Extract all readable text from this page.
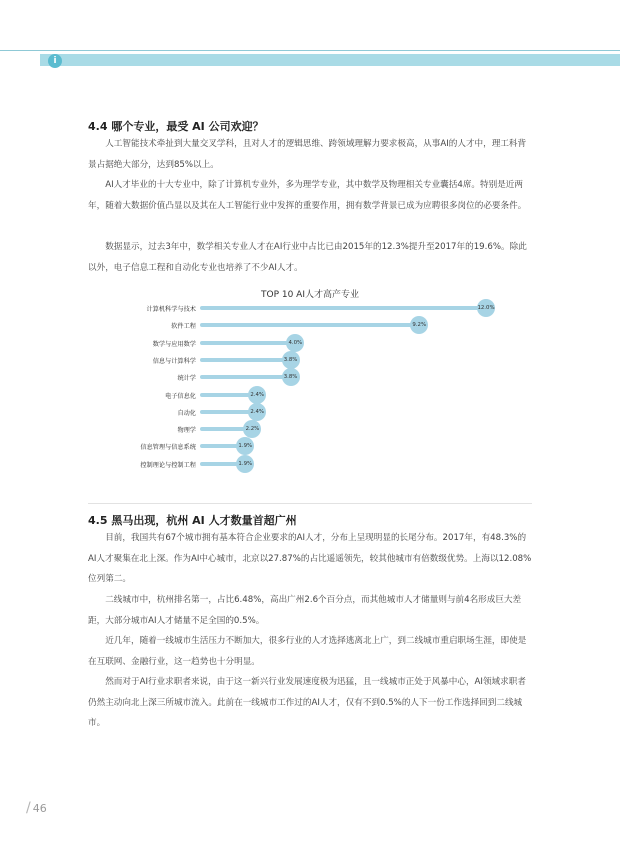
i
4.4 哪个专业，最受 AI 公司欢迎？

人工智能技术牵扯到大量交叉学科，且对人才的逻辑思维、跨领域理解力要求极高，从事AI的人才中，理工科背景占据绝大部分，达到85%以上。

AI人才毕业的十大专业中，除了计算机专业外，多为理学专业，其中数学及物理相关专业囊括4席。特别是近两年，随着大数据价值凸显以及其在人工智能行业中发挥的重要作用，拥有数学背景已成为应聘很多岗位的必要条件。

数据显示，过去3年中，数学相关专业人才在AI行业中占比已由2015年的12.3%提升至2017年的19.6%。除此以外，电子信息工程和自动化专业也培养了不少AI人才。

TOP 10 AI人才高产专业

计算机科学与技术	12.0%
软件工程	9.2%
数学与应用数学	4.0%
信息与计算科学	3.8%
统计学	3.8%
电子信息化	2.4%
自动化	2.4%
物理学	2.2%
信息管理与信息系统	1.9%
控制理论与控制工程	1.9%
4.5 黑马出现，杭州 AI 人才数量首超广州

目前，我国共有67个城市拥有基本符合企业要求的AI人才，分布上呈现明显的长尾分布。2017年，有48.3%的AI人才聚集在北上深。作为AI中心城市，北京以27.87%的占比遥遥领先，较其他城市有倍数级优势。上海以12.08%位列第二。

二线城市中，杭州排名第一，占比6.48%，高出广州2.6个百分点，而其他城市人才储量则与前4名形成巨大差距，大部分城市AI人才储量不足全国的0.5%。

近几年，随着一线城市生活压力不断加大，很多行业的人才选择逃离北上广，到二线城市重启职场生涯，即使是在互联网、金融行业，这一趋势也十分明显。

然而对于AI行业求职者来说，由于这一新兴行业发展速度极为迅猛，且一线城市正处于风暴中心，AI领域求职者仍然主动向北上深三所城市流入。此前在一线城市工作过的AI人才，仅有不到0.5%的人下一份工作选择回到二线城市。

/ 46
